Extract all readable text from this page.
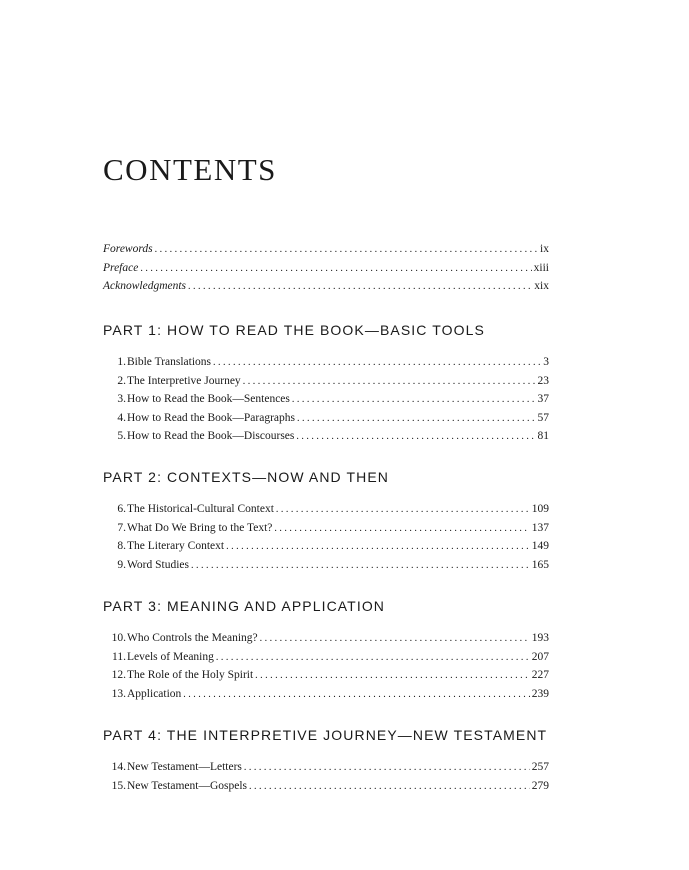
CONTENTS
Forewords . . .	ix
Preface . . .	xiii
Acknowledgments . . .	xix
PART 1: HOW TO READ THE BOOK—BASIC TOOLS
1. Bible Translations . . .	3
2. The Interpretive Journey . . .	23
3. How to Read the Book—Sentences . . .	37
4. How to Read the Book—Paragraphs . . .	57
5. How to Read the Book—Discourses . . .	81
PART 2: CONTEXTS—NOW AND THEN
6. The Historical-Cultural Context . . .	109
7. What Do We Bring to the Text? . . .	137
8. The Literary Context . . .	149
9. Word Studies . . .	165
PART 3: MEANING AND APPLICATION
10. Who Controls the Meaning? . . .	193
11. Levels of Meaning . . .	207
12. The Role of the Holy Spirit . . .	227
13. Application . . .	239
PART 4: THE INTERPRETIVE JOURNEY—NEW TESTAMENT
14. New Testament—Letters . . .	257
15. New Testament—Gospels . . .	279
